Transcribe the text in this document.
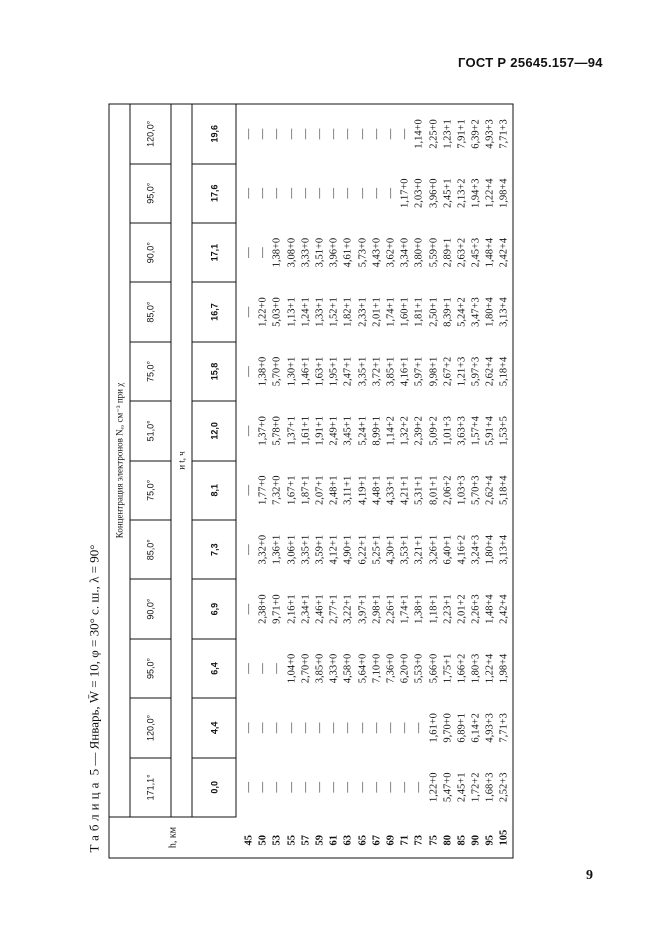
ГОСТ Р 25645.157—94
Таблица 5 — Январь, W̄ = 10, φ = 30° с. ш., λ = 90°
h, км	Концентрация электронов Nₑ, см⁻³ при χ											
	171,1°	120,0°	95,0°	90,0°	85,0°	75,0°	51,0°	75,0°	85,0°	90,0°	95,0°	120,0°
	и t, ч											
	0,0	4,4	6,4	6,9	7,3	8,1	12,0	15,8	16,7	17,1	17,6	19,6
45	—	—	—	—	—	—	—	—	—	—	—	—
50	—	—	—	2,38+0	3,32+0	1,77+0	1,37+0	1,38+0	1,22+0	—	—	—
53	—	—	—	9,71+0	1,36+1	7,32+0	5,78+0	5,70+0	5,03+0	1,38+0	—	—
55	—	—	1,04+0	2,16+1	3,06+1	1,67+1	1,37+1	1,30+1	1,13+1	3,08+0	—	—
57	—	—	2,70+0	2,34+1	3,35+1	1,87+1	1,61+1	1,46+1	1,24+1	3,33+0	—	—
59	—	—	3,85+0	2,46+1	3,59+1	2,07+1	1,91+1	1,63+1	1,33+1	3,51+0	—	—
61	—	—	4,33+0	2,77+1	4,12+1	2,48+1	2,49+1	1,95+1	1,52+1	3,96+0	—	—
63	—	—	4,58+0	3,22+1	4,90+1	3,11+1	3,45+1	2,47+1	1,82+1	4,61+0	—	—
65	—	—	5,64+0	3,97+1	6,22+1	4,19+1	5,24+1	3,35+1	2,33+1	5,73+0	—	—
67	—	—	7,10+0	2,98+1	5,25+1	4,48+1	8,99+1	3,72+1	2,01+1	4,43+0	—	—
69	—	—	7,36+0	2,26+1	4,30+1	4,33+1	1,14+2	3,85+1	1,74+1	3,62+0	—	—
71	—	—	6,20+0	1,74+1	3,53+1	4,21+1	1,32+2	4,16+1	1,60+1	3,34+0	1,17+0	—
73	—	—	5,53+0	1,38+1	3,21+1	5,31+1	2,39+2	5,97+1	1,81+1	3,80+0	2,03+0	1,14+0
75	1,22+0	1,61+0	5,66+0	1,18+1	3,26+1	8,01+1	5,09+2	9,98+1	2,50+1	5,59+0	3,96+0	2,25+0
80	5,47+0	9,70+0	1,75+1	2,23+1	6,40+1	2,06+2	1,01+3	2,67+2	8,39+1	2,89+1	2,45+1	1,23+1
85	2,45+1	6,89+1	1,66+2	2,01+2	4,16+2	1,03+3	3,63+3	1,21+3	5,24+2	2,63+2	2,13+2	7,91+1
90	1,72+2	6,14+2	1,80+3	2,26+3	3,24+3	5,70+3	1,57+4	5,97+3	3,47+3	2,45+3	1,94+3	6,39+2
95	1,68+3	4,93+3	1,22+4	1,48+4	1,80+4	2,62+4	5,91+4	2,62+4	1,80+4	1,48+4	1,22+4	4,93+3
105	2,52+3	7,71+3	1,98+4	2,42+4	3,13+4	5,18+4	1,53+5	5,18+4	3,13+4	2,42+4	1,98+4	7,71+3
9
